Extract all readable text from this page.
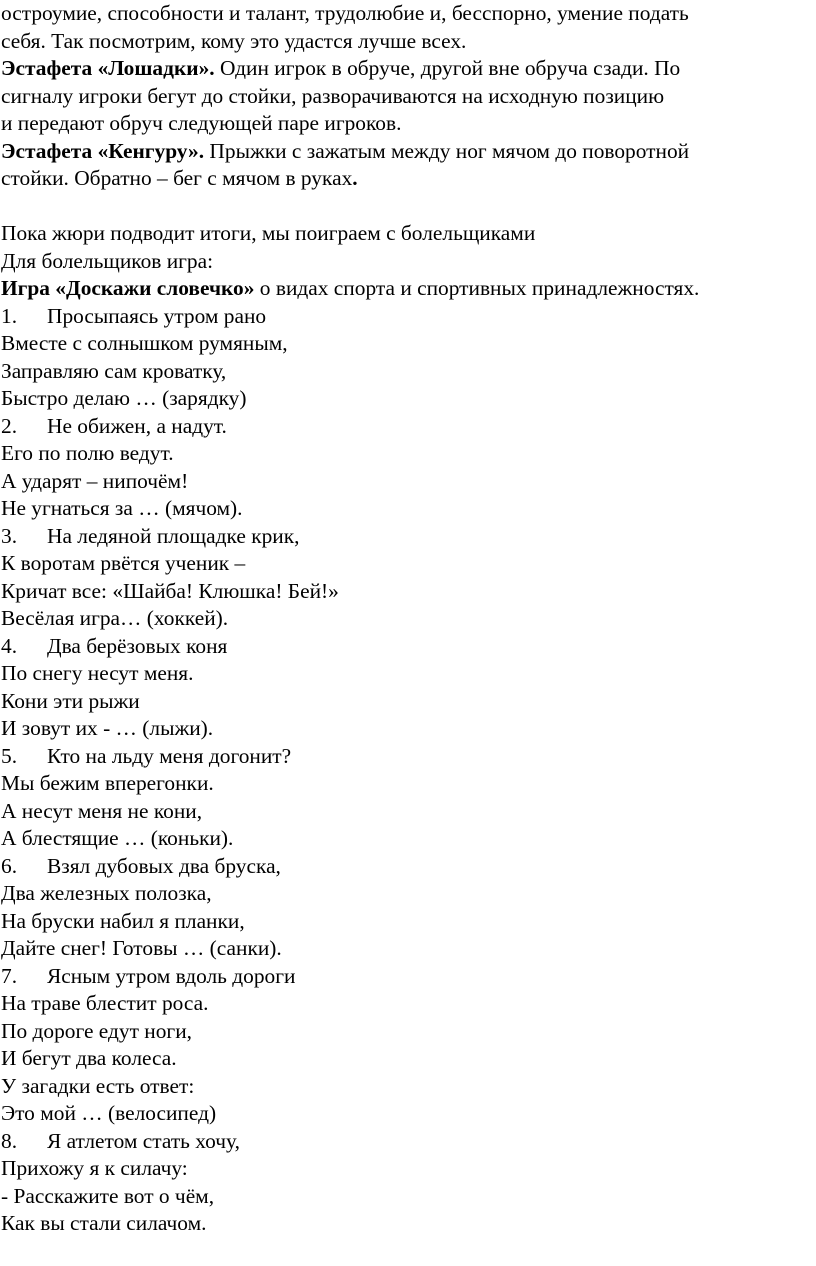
остроумие, способности и талант, трудолюбие и, бесспорно, умение подать
себя. Так посмотрим, кому это удастся лучше всех.
Эстафета «Лошадки». Один игрок в обруче, другой вне обруча сзади. По
сигналу игроки бегут до стойки, разворачиваются на исходную позицию
и передают обруч следующей паре игроков.
Эстафета «Кенгуру». Прыжки с зажатым между ног мячом до поворотной
стойки. Обратно – бег с мячом в руках.
Пока жюри подводит итоги, мы поиграем с болельщиками
Для болельщиков игра:
Игра «Доскажи словечко» о видах спорта и спортивных принадлежностях.
1. Просыпаясь утром рано
Вместе с солнышком румяным,
Заправляю сам кроватку,
Быстро делаю … (зарядку)
2. Не обижен, а надут.
Его по полю ведут.
А ударят – нипочём!
Не угнаться за … (мячом).
3. На ледяной площадке крик,
К воротам рвётся ученик –
Кричат все: «Шайба! Клюшка! Бей!»
Весёлая игра… (хоккей).
4. Два берёзовых коня
По снегу несут меня.
Кони эти рыжи
И зовут их - … (лыжи).
5. Кто на льду меня догонит?
Мы бежим вперегонки.
А несут меня не кони,
А блестящие … (коньки).
6. Взял дубовых два бруска,
Два железных полозка,
На бруски набил я планки,
Дайте снег! Готовы … (санки).
7. Ясным утром вдоль дороги
На траве блестит роса.
По дороге едут ноги,
И бегут два колеса.
У загадки есть ответ:
Это мой … (велосипед)
8. Я атлетом стать хочу,
Прихожу я к силачу:
- Расскажите вот о чём,
Как вы стали силачом.
